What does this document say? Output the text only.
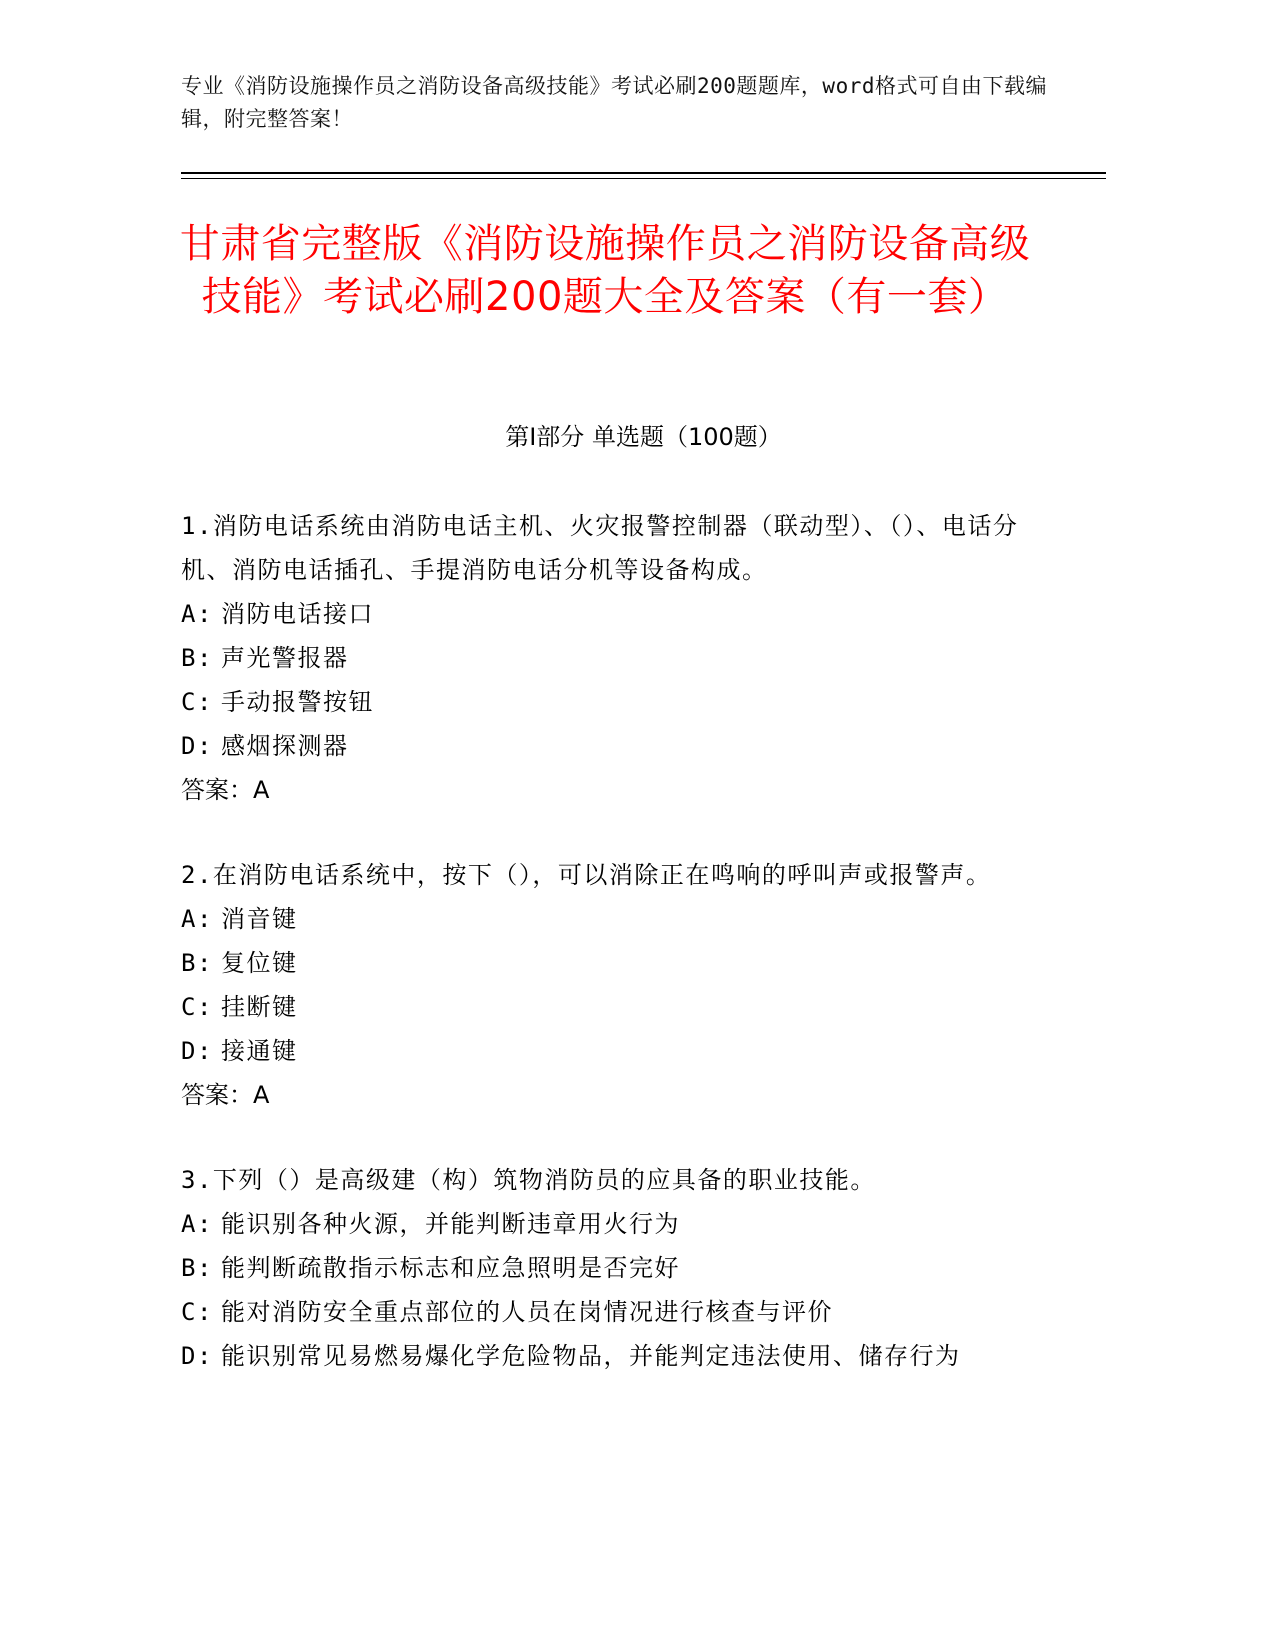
专业《消防设施操作员之消防设备高级技能》考试必刷200题题库，word格式可自由下载编辑，附完整答案！
甘肃省完整版《消防设施操作员之消防设备高级技能》考试必刷200题大全及答案（有一套）
第I部分 单选题（100题）
1.消防电话系统由消防电话主机、火灾报警控制器（联动型）、（）、电话分机、消防电话插孔、手提消防电话分机等设备构成。
A: 消防电话接口
B: 声光警报器
C: 手动报警按钮
D: 感烟探测器
答案：A
2.在消防电话系统中，按下（），可以消除正在鸣响的呼叫声或报警声。
A: 消音键
B: 复位键
C: 挂断键
D: 接通键
答案：A
3.下列（）是高级建（构）筑物消防员的应具备的职业技能。
A: 能识别各种火源，并能判断违章用火行为
B: 能判断疏散指示标志和应急照明是否完好
C: 能对消防安全重点部位的人员在岗情况进行核查与评价
D: 能识别常见易燃易爆化学危险物品，并能判定违法使用、储存行为
